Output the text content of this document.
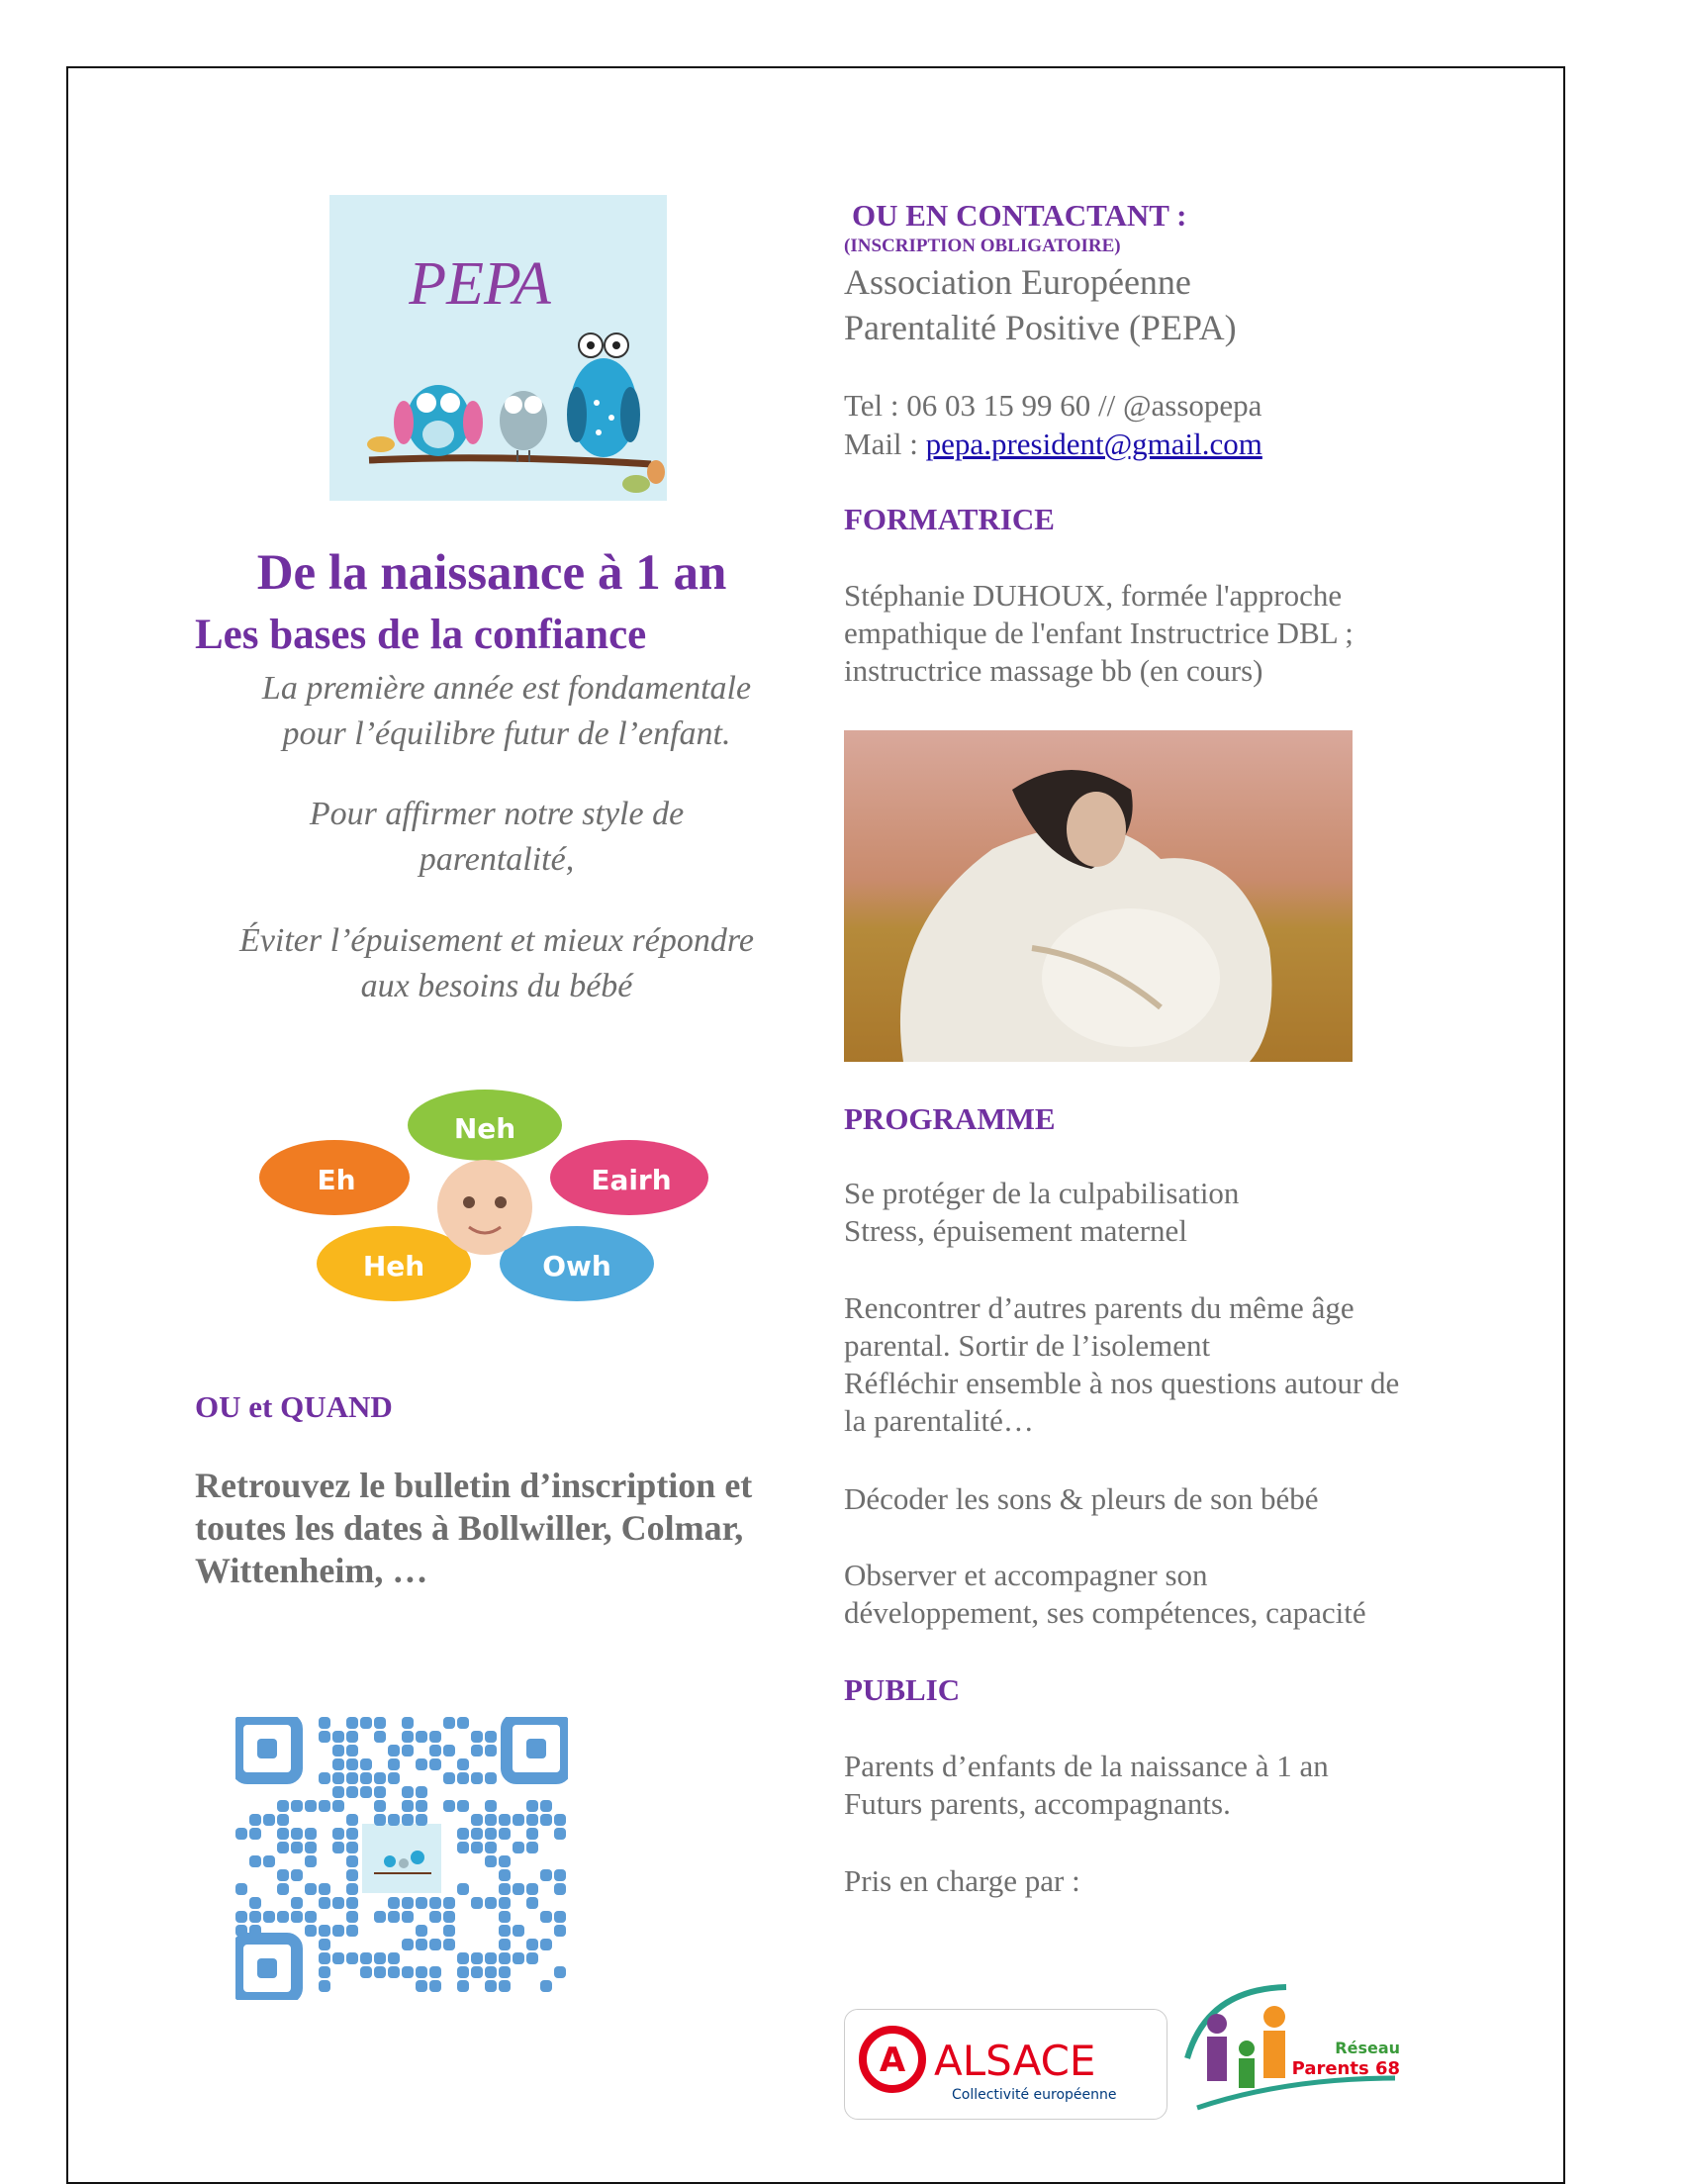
PEPA
De la naissance à 1 an
Les bases de la confiance
La première année est fondamentale
pour l’équilibre futur de l’enfant.
Pour affirmer notre style de
parentalité,
Éviter l’épuisement et mieux répondre
aux besoins du bébé
Neh
Eh	Eairh
Heh	Owh
OU et QUAND
Retrouvez le bulletin d’inscription et
toutes les dates à Bollwiller, Colmar,
Wittenheim, …
OU EN CONTACTANT :
(INSCRIPTION OBLIGATOIRE)
Association Européenne
Parentalité Positive (PEPA)
Tel : 06 03 15 99 60 // @assopepa
Mail : pepa.president@gmail.com
FORMATRICE
Stéphanie DUHOUX, formée l'approche
empathique de l'enfant Instructrice DBL ;
instructrice massage bb (en cours)
PROGRAMME
Se protéger de la culpabilisation
Stress, épuisement maternel
Rencontrer d’autres parents du même âge
parental. Sortir de l’isolement
Réfléchir ensemble à nos questions autour de
la parentalité…
Décoder les sons & pleurs de son bébé
Observer et accompagner son
développement, ses compétences, capacité
PUBLIC
Parents d’enfants de la naissance à 1 an
Futurs parents, accompagnants.
Pris en charge par :
A ALSACE
Collectivité européenne
Réseau
Parents 68
